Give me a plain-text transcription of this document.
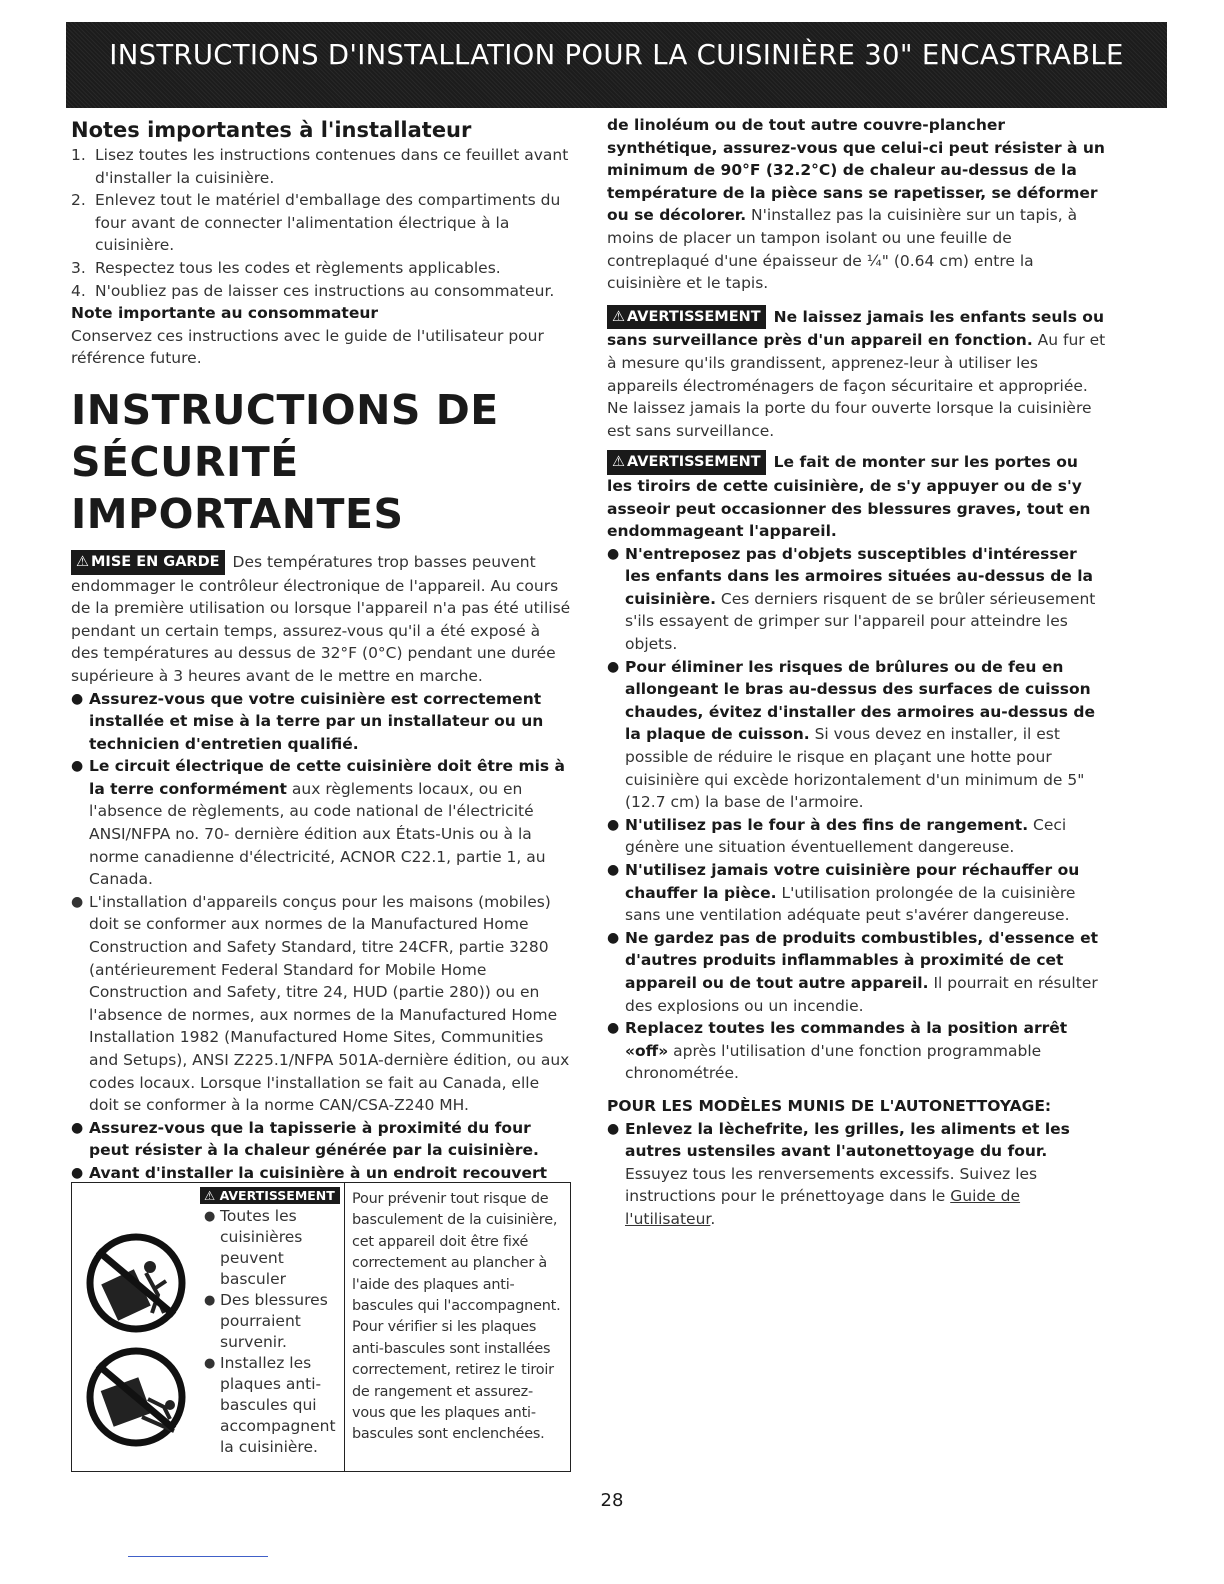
INSTRUCTIONS D'INSTALLATION POUR LA CUISINIÈRE 30" ENCASTRABLE

Notes importantes à l'installateur

1. Lisez toutes les instructions contenues dans ce feuillet avant d'installer la cuisinière.
2. Enlevez tout le matériel d'emballage des compartiments du four avant de connecter l'alimentation électrique à la cuisinière.
3. Respectez tous les codes et règlements applicables.
4. N'oubliez pas de laisser ces instructions au consommateur.

Note importante au consommateur

Conservez ces instructions avec le guide de l'utilisateur pour référence future.

INSTRUCTIONS DE
SÉCURITÉ IMPORTANTES

⚠ MISE EN GARDE Des températures trop basses peuvent endommager le contrôleur électronique de l'appareil. Au cours de la première utilisation ou lorsque l'appareil n'a pas été utilisé pendant un certain temps, assurez-vous qu'il a été exposé à des températures au dessus de 32°F (0°C) pendant une durée supérieure à 3 heures avant de le mettre en marche.

● Assurez-vous que votre cuisinière est correctement installée et mise à la terre par un installateur ou un technicien d'entretien qualifié.
● Le circuit électrique de cette cuisinière doit être mis à la terre conformément aux règlements locaux, ou en l'absence de règlements, au code national de l'électricité ANSI/NFPA no. 70- dernière édition aux États-Unis ou à la norme canadienne d'électricité, ACNOR C22.1, partie 1, au Canada.
● L'installation d'appareils conçus pour les maisons (mobiles) doit se conformer aux normes de la Manufactured Home Construction and Safety Standard, titre 24CFR, partie 3280 (antérieurement Federal Standard for Mobile Home Construction and Safety, titre 24, HUD (partie 280)) ou en l'absence de normes, aux normes de la Manufactured Home Installation 1982 (Manufactured Home Sites, Communities and Setups), ANSI Z225.1/NFPA 501A-dernière édition, ou aux codes locaux. Lorsque l'installation se fait au Canada, elle doit se conformer à la norme CAN/CSA-Z240 MH.
● Assurez-vous que la tapisserie à proximité du four peut résister à la chaleur générée par la cuisinière.
● Avant d'installer la cuisinière à un endroit recouvert
⚠ AVERTISSEMENT
● Toutes les cuisinières peuvent basculer
● Des blessures pourraient survenir.
● Installez les plaques anti-bascules qui accompagnent la cuisinière.
Pour prévenir tout risque de basculement de la cuisinière, cet appareil doit être fixé correctement au plancher à l'aide des plaques anti-bascules qui l'accompagnent. Pour vérifier si les plaques anti-bascules sont installées correctement, retirez le tiroir de rangement et assurez-vous que les plaques anti-bascules sont enclenchées.

de linoléum ou de tout autre couvre-plancher synthétique, assurez-vous que celui-ci peut résister à un minimum de 90°F (32.2°C) de chaleur au-dessus de la température de la pièce sans se rapetisser, se déformer ou se décolorer. N'installez pas la cuisinière sur un tapis, à moins de placer un tampon isolant ou une feuille de contreplaqué d'une épaisseur de ¼" (0.64 cm) entre la cuisinière et le tapis.

⚠ AVERTISSEMENT Ne laissez jamais les enfants seuls ou sans surveillance près d'un appareil en fonction. Au fur et à mesure qu'ils grandissent, apprenez-leur à utiliser les appareils électroménagers de façon sécuritaire et appropriée. Ne laissez jamais la porte du four ouverte lorsque la cuisinière est sans surveillance.

⚠ AVERTISSEMENT Le fait de monter sur les portes ou les tiroirs de cette cuisinière, de s'y appuyer ou de s'y asseoir peut occasionner des blessures graves, tout en endommageant l'appareil.

● N'entreposez pas d'objets susceptibles d'intéresser les enfants dans les armoires situées au-dessus de la cuisinière. Ces derniers risquent de se brûler sérieusement s'ils essayent de grimper sur l'appareil pour atteindre les objets.
● Pour éliminer les risques de brûlures ou de feu en allongeant le bras au-dessus des surfaces de cuisson chaudes, évitez d'installer des armoires au-dessus de la plaque de cuisson. Si vous devez en installer, il est possible de réduire le risque en plaçant une hotte pour cuisinière qui excède horizontalement d'un minimum de 5" (12.7 cm) la base de l'armoire.
● N'utilisez pas le four à des fins de rangement. Ceci génère une situation éventuellement dangereuse.
● N'utilisez jamais votre cuisinière pour réchauffer ou chauffer la pièce. L'utilisation prolongée de la cuisinière sans une ventilation adéquate peut s'avérer dangereuse.
● Ne gardez pas de produits combustibles, d'essence et d'autres produits inflammables à proximité de cet appareil ou de tout autre appareil. Il pourrait en résulter des explosions ou un incendie.
● Replacez toutes les commandes à la position arrêt «off» après l'utilisation d'une fonction programmable chronométrée.

POUR LES MODÈLES MUNIS DE L'AUTONETTOYAGE:

● Enlevez la lèchefrite, les grilles, les aliments et les autres ustensiles avant l'autonettoyage du four. Essuyez tous les renversements excessifs. Suivez les instructions pour le prénettoyage dans le Guide de l'utilisateur.
28
